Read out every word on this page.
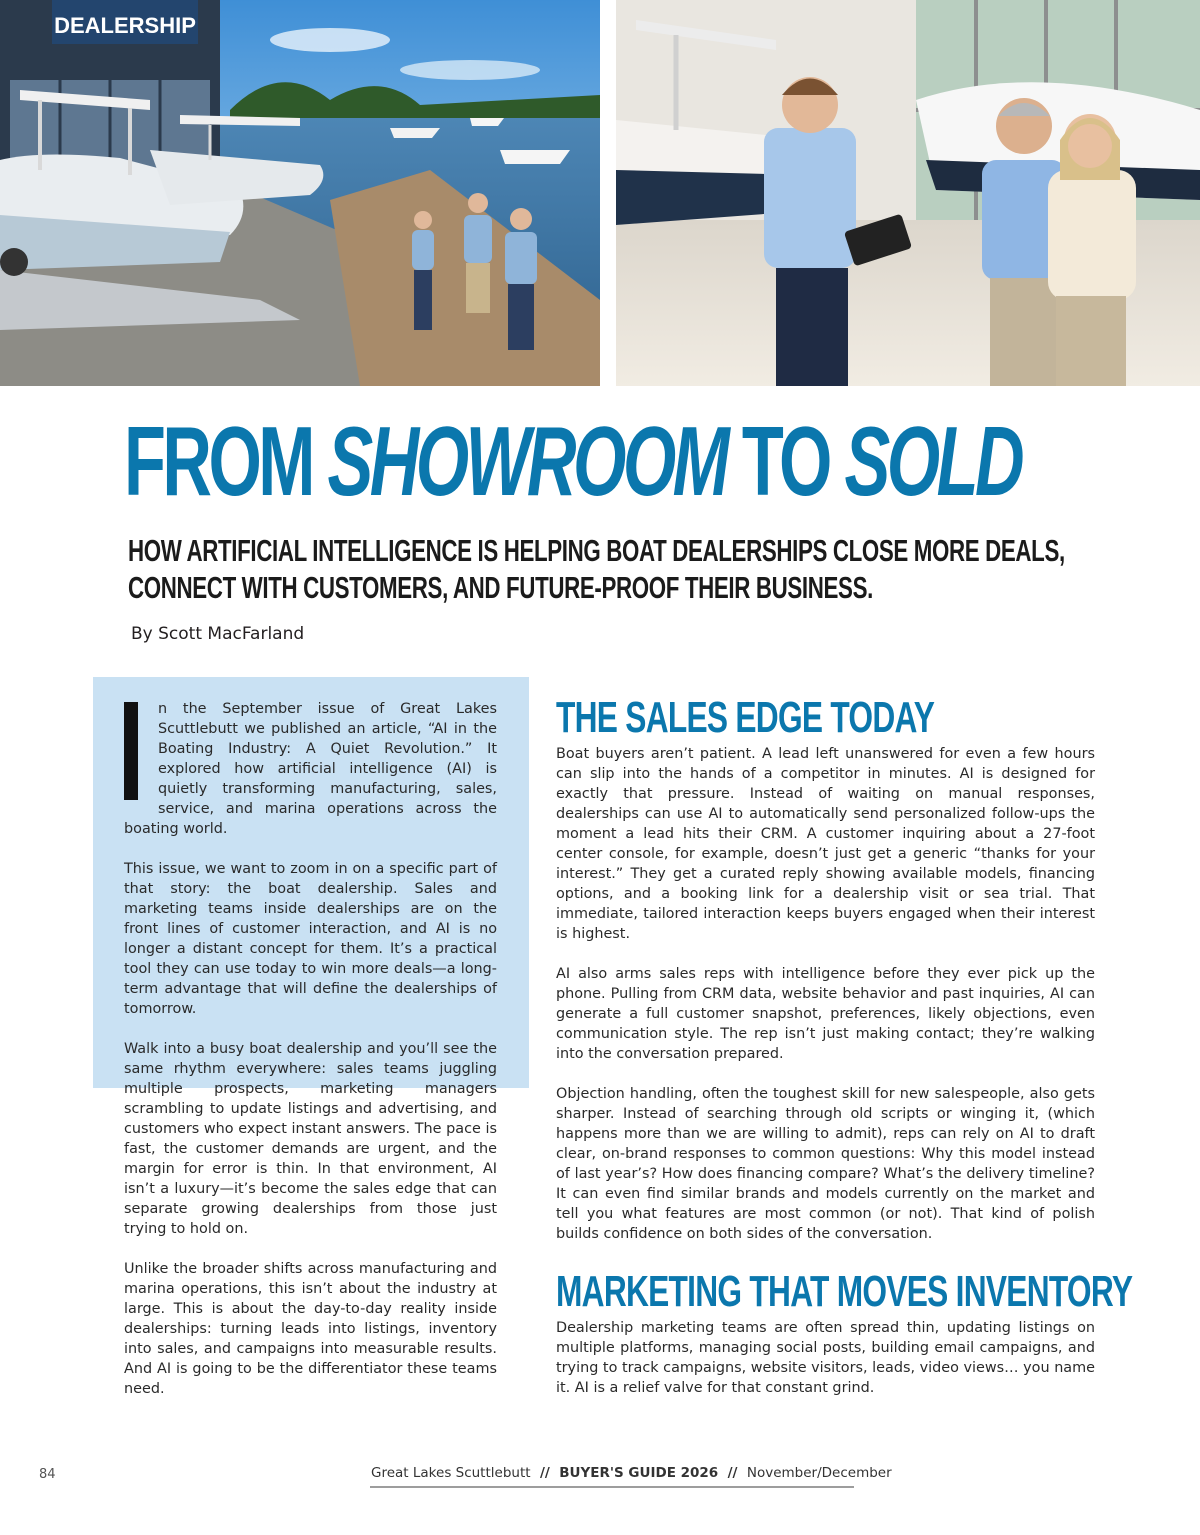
DEALERSHIP
FROM SHOWROOM TO SOLD
HOW ARTIFICIAL INTELLIGENCE IS HELPING BOAT DEALERSHIPS CLOSE MORE DEALS,
CONNECT WITH CUSTOMERS, AND FUTURE-PROOF THEIR BUSINESS.
By Scott MacFarland

n the September issue of Great Lakes Scuttlebutt we published an article, “AI in the Boating Industry: A Quiet Revolution.” It explored how artificial intelligence (AI) is quietly transforming manufacturing, sales, service, and marina operations across the boating world.

This issue, we want to zoom in on a specific part of that story: the boat dealership. Sales and marketing teams inside dealerships are on the front lines of customer interaction, and AI is no longer a distant concept for them. It’s a practical tool they can use today to win more deals—a long-term advantage that will define the dealerships of tomorrow.

Walk into a busy boat dealership and you’ll see the same rhythm everywhere: sales teams juggling multiple prospects, marketing managers scrambling to update listings and advertising, and customers who expect instant answers. The pace is fast, the customer demands are urgent, and the margin for error is thin. In that environment, AI isn’t a luxury—it’s become the sales edge that can separate growing dealerships from those just trying to hold on.

Unlike the broader shifts across manufacturing and marina operations, this isn’t about the industry at large. This is about the day-to-day reality inside dealerships: turning leads into listings, inventory into sales, and campaigns into measurable results. And AI is going to be the differentiator these teams need.

THE SALES EDGE TODAY

Boat buyers aren’t patient. A lead left unanswered for even a few hours can slip into the hands of a competitor in minutes. AI is designed for exactly that pressure. Instead of waiting on manual responses, dealerships can use AI to automatically send personalized follow-ups the moment a lead hits their CRM. A customer inquiring about a 27-foot center console, for example, doesn’t just get a generic “thanks for your interest.” They get a curated reply showing available models, financing options, and a booking link for a dealership visit or sea trial. That immediate, tailored interaction keeps buyers engaged when their interest is highest.

AI also arms sales reps with intelligence before they ever pick up the phone. Pulling from CRM data, website behavior and past inquiries, AI can generate a full customer snapshot, preferences, likely objections, even communication style. The rep isn’t just making contact; they’re walking into the conversation prepared.

Objection handling, often the toughest skill for new salespeople, also gets sharper. Instead of searching through old scripts or winging it, (which happens more than we are willing to admit), reps can rely on AI to draft clear, on-brand responses to common questions: Why this model instead of last year’s? How does financing compare? What’s the delivery timeline? It can even find similar brands and models currently on the market and tell you what features are most common (or not). That kind of polish builds confidence on both sides of the conversation.

MARKETING THAT MOVES INVENTORY

Dealership marketing teams are often spread thin, updating listings on multiple platforms, managing social posts, building email campaigns, and trying to track campaigns, website visitors, leads, video views… you name it. AI is a relief valve for that constant grind.

84	Great Lakes Scuttlebutt  //  BUYER'S GUIDE 2026  //  November/December
